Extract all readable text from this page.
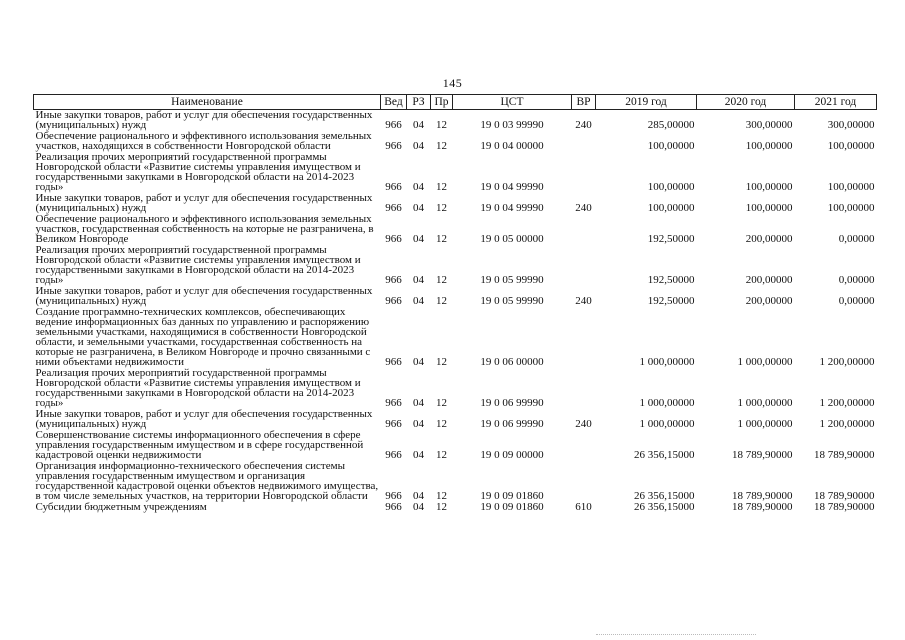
145
Наименование	Вед	РЗ	Пр	ЦСТ	ВР	2019 год	2020 год	2021 год
Иные закупки товаров, работ и услуг для обеспечения государственных (муниципальных) нужд	966	04	12	19 0 03 99990	240	285,00000	300,00000	300,00000
Обеспечение рационального и эффективного использования земельных участков, находящихся в собственности Новгородской области	966	04	12	19 0 04 00000		100,00000	100,00000	100,00000
Реализация прочих мероприятий государственной программы Новгородской области «Развитие системы управления имуществом и государственными закупками в Новгородской области на 2014-2023 годы»	966	04	12	19 0 04 99990		100,00000	100,00000	100,00000
Иные закупки товаров, работ и услуг для обеспечения государственных (муниципальных) нужд	966	04	12	19 0 04 99990	240	100,00000	100,00000	100,00000
Обеспечение рационального и эффективного использования земельных участков, государственная собственность на которые не разграничена, в Великом Новгороде	966	04	12	19 0 05 00000		192,50000	200,00000	0,00000
Реализация прочих мероприятий государственной программы Новгородской области «Развитие системы управления имуществом и государственными закупками в Новгородской области на 2014-2023 годы»	966	04	12	19 0 05 99990		192,50000	200,00000	0,00000
Иные закупки товаров, работ и услуг для обеспечения государственных (муниципальных) нужд	966	04	12	19 0 05 99990	240	192,50000	200,00000	0,00000
Создание программно-технических комплексов, обеспечивающих ведение информационных баз данных по управлению и распоряжению земельными участками, находящимися в собственности Новгородской области, и земельными участками, государственная собственность на которые не разграничена, в Великом Новгороде и прочно связанными с ними объектами недвижимости	966	04	12	19 0 06 00000		1 000,00000	1 000,00000	1 200,00000
Реализация прочих мероприятий государственной программы Новгородской области «Развитие системы управления имуществом и государственными закупками в Новгородской области на 2014-2023 годы»	966	04	12	19 0 06 99990		1 000,00000	1 000,00000	1 200,00000
Иные закупки товаров, работ и услуг для обеспечения государственных (муниципальных) нужд	966	04	12	19 0 06 99990	240	1 000,00000	1 000,00000	1 200,00000
Совершенствование системы информационного обеспечения в сфере управления государственным имуществом и в сфере государственной кадастровой оценки недвижимости	966	04	12	19 0 09 00000		26 356,15000	18 789,90000	18 789,90000
Организация информационно-технического обеспечения системы управления государственным имуществом и организация государственной кадастровой оценки объектов недвижимого имущества, в том числе земельных участков, на территории Новгородской области	966	04	12	19 0 09 01860		26 356,15000	18 789,90000	18 789,90000
Субсидии бюджетным учреждениям	966	04	12	19 0 09 01860	610	26 356,15000	18 789,90000	18 789,90000
